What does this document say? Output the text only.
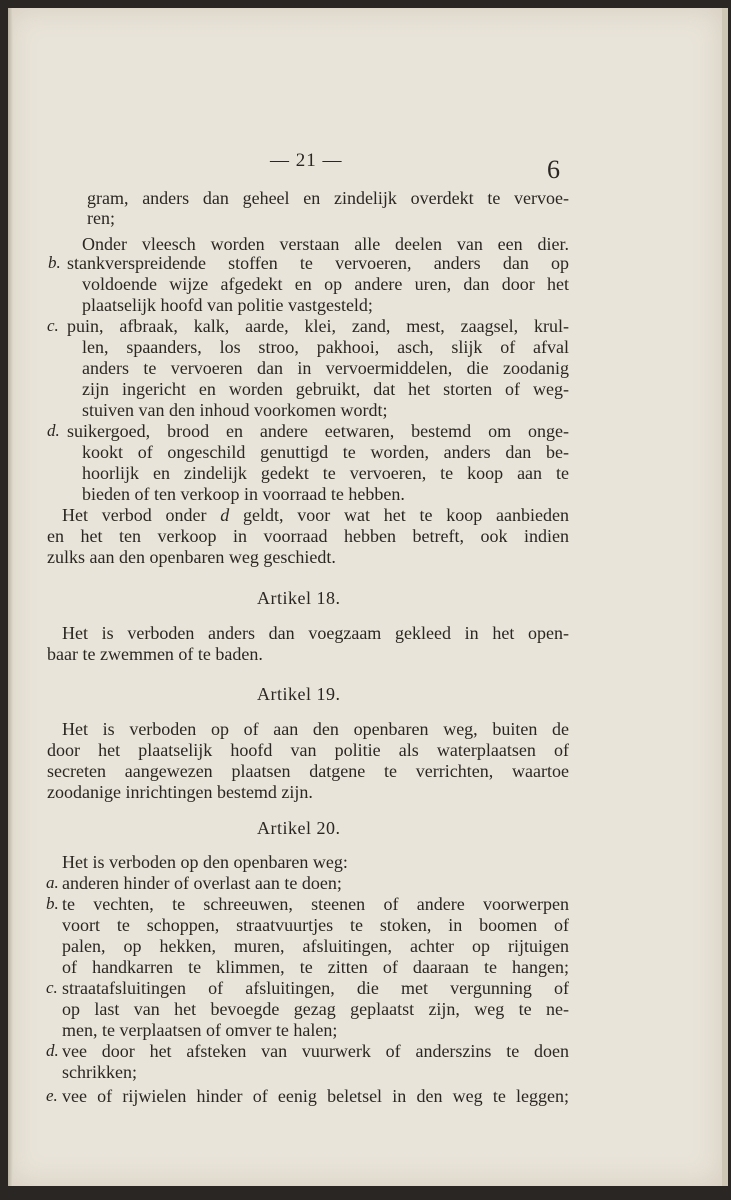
— 21 —	6
gram, anders dan geheel en zindelijk overdekt te vervoe-
ren;
Onder vleesch worden verstaan alle deelen van een dier.
b. stankverspreidende stoffen te vervoeren, anders dan op
voldoende wijze afgedekt en op andere uren, dan door het
plaatselijk hoofd van politie vastgesteld;
c. puin, afbraak, kalk, aarde, klei, zand, mest, zaagsel, krul-
len, spaanders, los stroo, pakhooi, asch, slijk of afval
anders te vervoeren dan in vervoermiddelen, die zoodanig
zijn ingericht en worden gebruikt, dat het storten of weg-
stuiven van den inhoud voorkomen wordt;
d. suikergoed, brood en andere eetwaren, bestemd om onge-
kookt of ongeschild genuttigd te worden, anders dan be-
hoorlijk en zindelijk gedekt te vervoeren, te koop aan te
bieden of ten verkoop in voorraad te hebben.
Het verbod onder d geldt, voor wat het te koop aanbieden
en het ten verkoop in voorraad hebben betreft, ook indien
zulks aan den openbaren weg geschiedt.
Artikel 18.
Het is verboden anders dan voegzaam gekleed in het open-
baar te zwemmen of te baden.
Artikel 19.
Het is verboden op of aan den openbaren weg, buiten de
door het plaatselijk hoofd van politie als waterplaatsen of
secreten aangewezen plaatsen datgene te verrichten, waartoe
zoodanige inrichtingen bestemd zijn.
Artikel 20.
Het is verboden op den openbaren weg:
a. anderen hinder of overlast aan te doen;
b. te vechten, te schreeuwen, steenen of andere voorwerpen
voort te schoppen, straatvuurtjes te stoken, in boomen of
palen, op hekken, muren, afsluitingen, achter op rijtuigen
of handkarren te klimmen, te zitten of daaraan te hangen;
c. straatafsluitingen of afsluitingen, die met vergunning of
op last van het bevoegde gezag geplaatst zijn, weg te ne-
men, te verplaatsen of omver te halen;
d. vee door het afsteken van vuurwerk of anderszins te doen
schrikken;
e. vee of rijwielen hinder of eenig beletsel in den weg te leggen;
